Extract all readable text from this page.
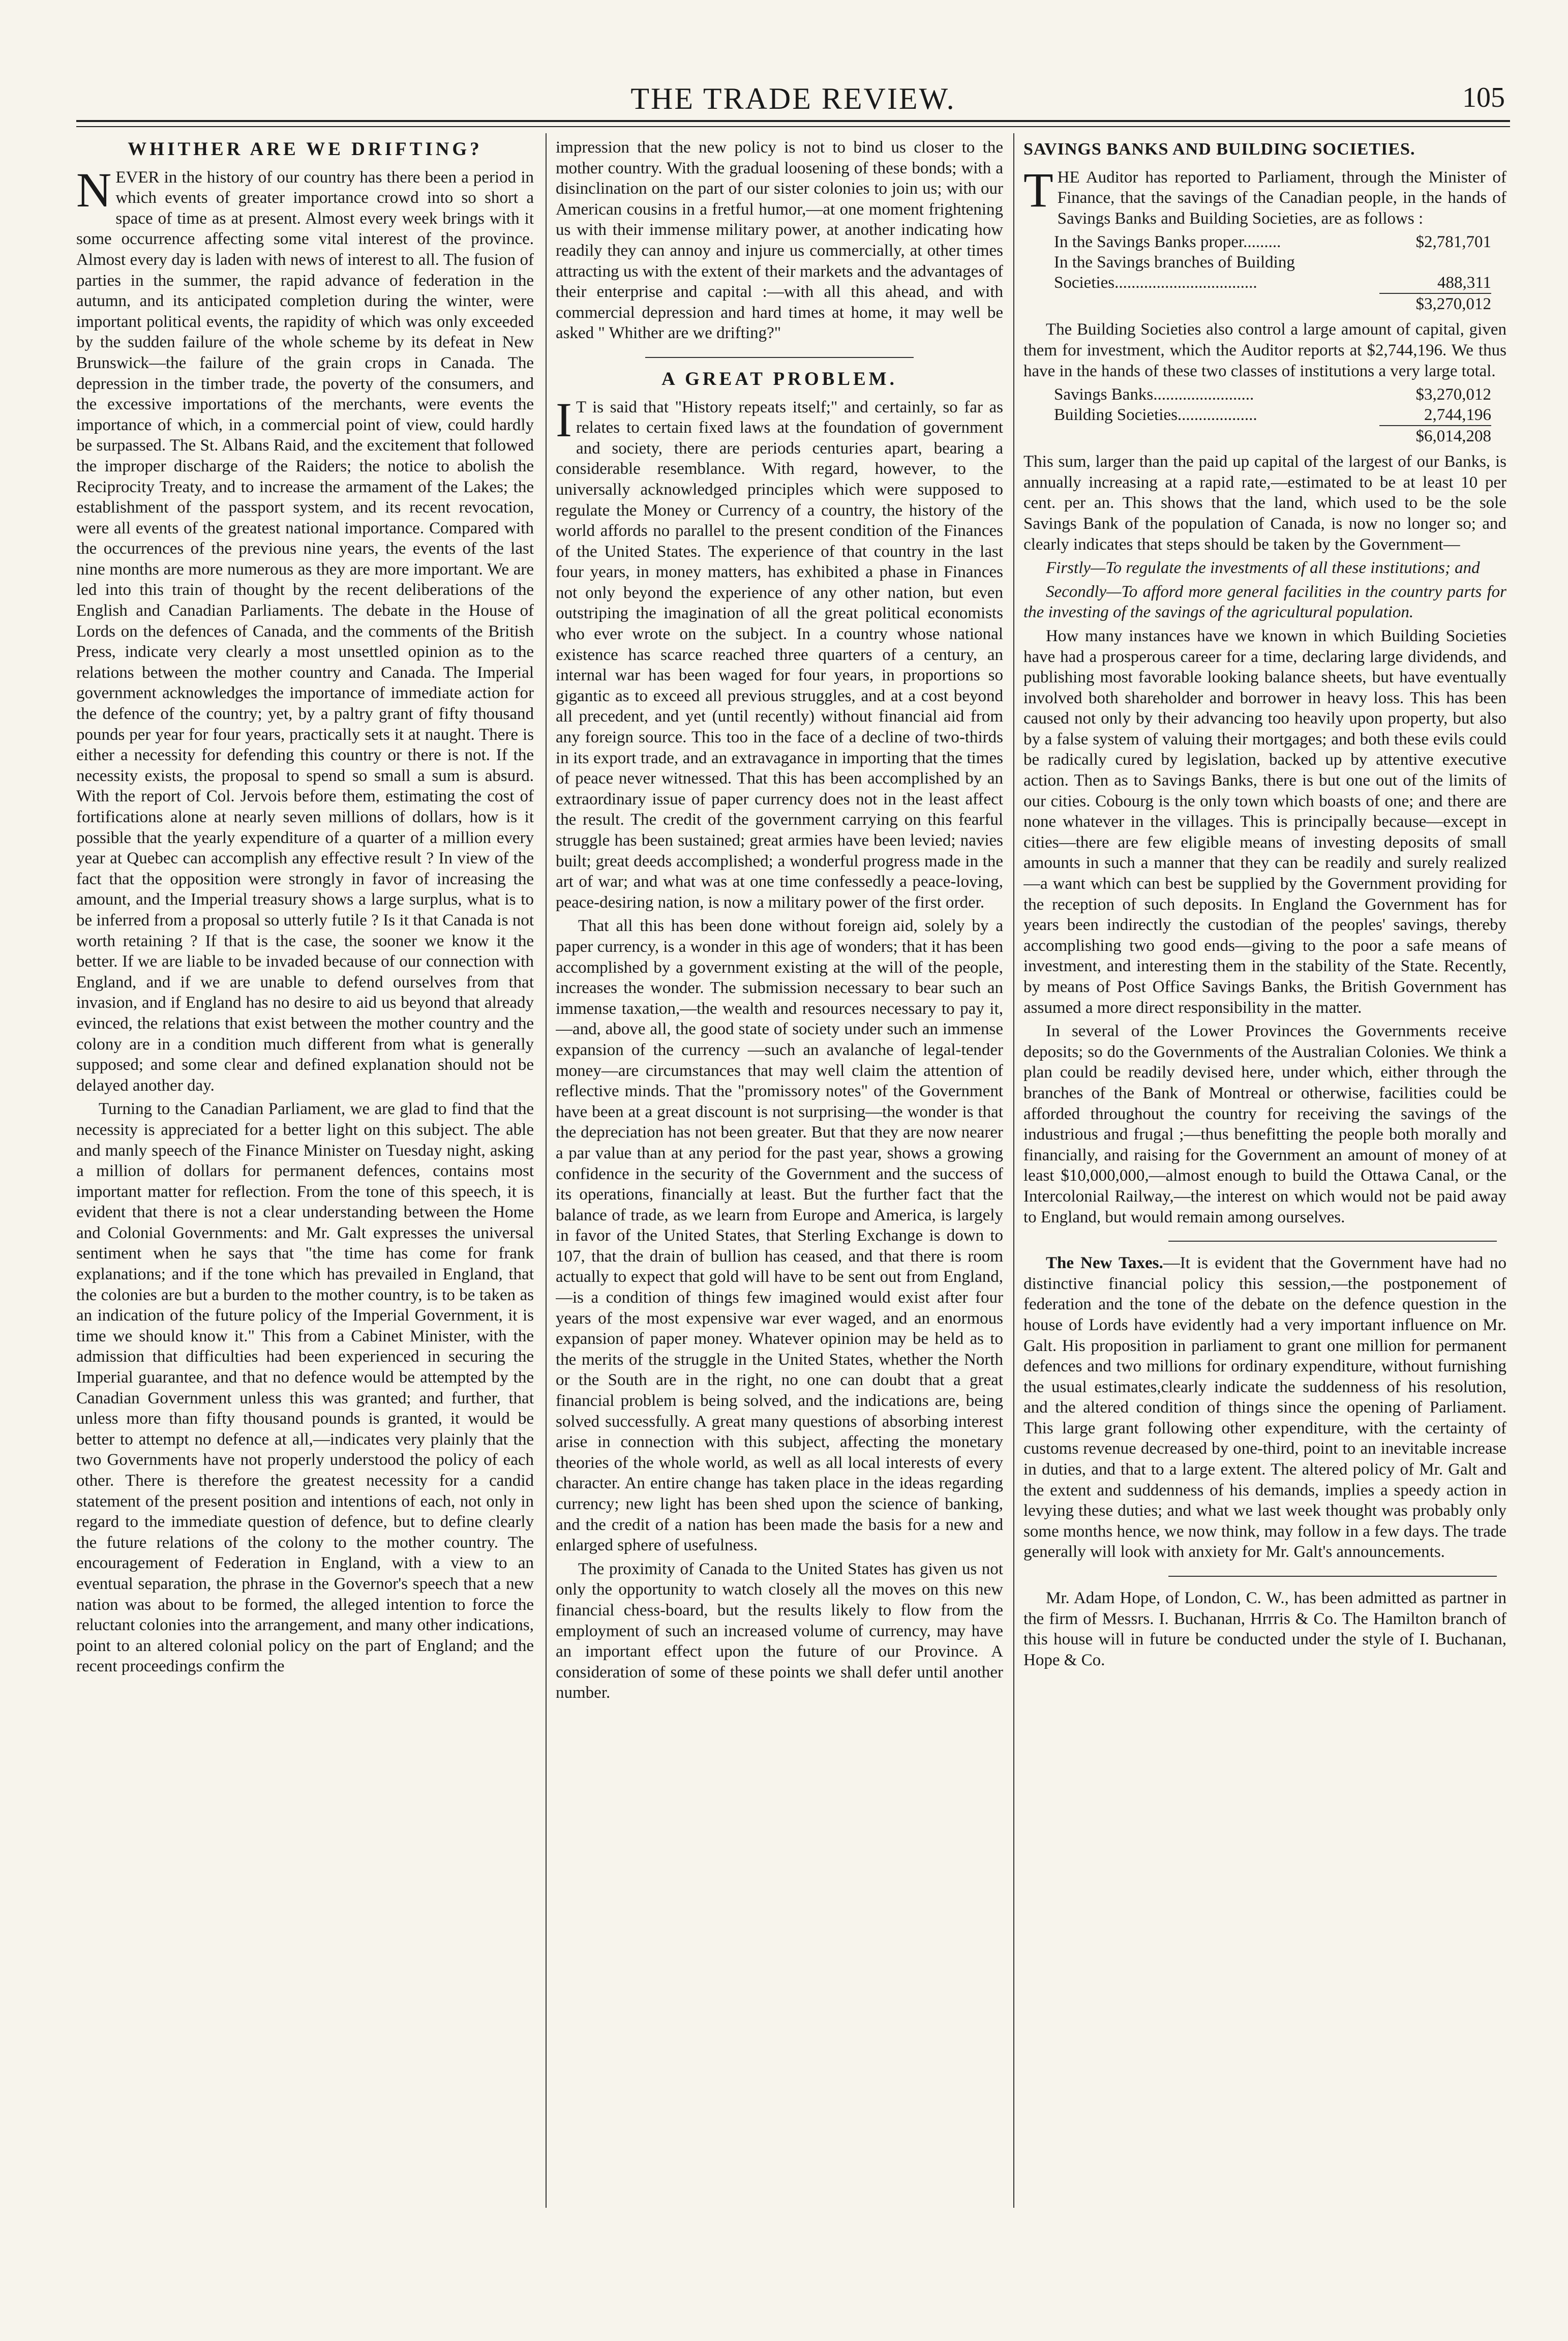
THE TRADE REVIEW.	105
WHITHER ARE WE DRIFTING?

NEVER in the history of our country has there been a period in which events of greater importance crowd into so short a space of time as at present. Almost every week brings with it some occurrence affecting some vital interest of the province. Almost every day is laden with news of interest to all. The fusion of parties in the summer, the rapid advance of federation in the autumn, and its anticipated completion during the winter, were important political events, the rapidity of which was only exceeded by the sudden failure of the whole scheme by its defeat in New Brunswick—the failure of the grain crops in Canada. The depression in the timber trade, the poverty of the consumers, and the excessive importations of the merchants, were events the importance of which, in a commercial point of view, could hardly be surpassed. The St. Albans Raid, and the excitement that followed the improper discharge of the Raiders; the notice to abolish the Reciprocity Treaty, and to increase the armament of the Lakes; the establishment of the passport system, and its recent revocation, were all events of the greatest national importance. Compared with the occurrences of the previous nine years, the events of the last nine months are more numerous as they are more important. We are led into this train of thought by the recent deliberations of the English and Canadian Parliaments. The debate in the House of Lords on the defences of Canada, and the comments of the British Press, indicate very clearly a most unsettled opinion as to the relations between the mother country and Canada. The Imperial government acknowledges the importance of immediate action for the defence of the country; yet, by a paltry grant of fifty thousand pounds per year for four years, practically sets it at naught. There is either a necessity for defending this country or there is not. If the necessity exists, the proposal to spend so small a sum is absurd. With the report of Col. Jervois before them, estimating the cost of fortifications alone at nearly seven millions of dollars, how is it possible that the yearly expenditure of a quarter of a million every year at Quebec can accomplish any effective result ? In view of the fact that the opposition were strongly in favor of increasing the amount, and the Imperial treasury shows a large surplus, what is to be inferred from a proposal so utterly futile ? Is it that Canada is not worth retaining ? If that is the case, the sooner we know it the better. If we are liable to be invaded because of our connection with England, and if we are unable to defend ourselves from that invasion, and if England has no desire to aid us beyond that already evinced, the relations that exist between the mother country and the colony are in a condition much different from what is generally supposed; and some clear and defined explanation should not be delayed another day.

Turning to the Canadian Parliament, we are glad to find that the necessity is appreciated for a better light on this subject. The able and manly speech of the Finance Minister on Tuesday night, asking a million of dollars for permanent defences, contains most important matter for reflection. From the tone of this speech, it is evident that there is not a clear understanding between the Home and Colonial Governments: and Mr. Galt expresses the universal sentiment when he says that "the time has come for frank explanations; and if the tone which has prevailed in England, that the colonies are but a burden to the mother country, is to be taken as an indication of the future policy of the Imperial Government, it is time we should know it." This from a Cabinet Minister, with the admission that difficulties had been experienced in securing the Imperial guarantee, and that no defence would be attempted by the Canadian Government unless this was granted; and further, that unless more than fifty thousand pounds is granted, it would be better to attempt no defence at all,—indicates very plainly that the two Governments have not properly understood the policy of each other. There is therefore the greatest necessity for a candid statement of the present position and intentions of each, not only in regard to the immediate question of defence, but to define clearly the future relations of the colony to the mother country. The encouragement of Federation in England, with a view to an eventual separation, the phrase in the Governor's speech that a new nation was about to be formed, the alleged intention to force the reluctant colonies into the arrangement, and many other indications, point to an altered colonial policy on the part of England; and the recent proceedings confirm the

impression that the new policy is not to bind us closer to the mother country. With the gradual loosening of these bonds; with a disinclination on the part of our sister colonies to join us; with our American cousins in a fretful humor,—at one moment frightening us with their immense military power, at another indicating how readily they can annoy and injure us commercially, at other times attracting us with the extent of their markets and the advantages of their enterprise and capital :—with all this ahead, and with commercial depression and hard times at home, it may well be asked " Whither are we drifting?"

A GREAT PROBLEM.

I T is said that "History repeats itself;" and certainly, so far as relates to certain fixed laws at the foundation of government and society, there are periods centuries apart, bearing a considerable resemblance. With regard, however, to the universally acknowledged principles which were supposed to regulate the Money or Currency of a country, the history of the world affords no parallel to the present condition of the Finances of the United States. The experience of that country in the last four years, in money matters, has exhibited a phase in Finances not only beyond the experience of any other nation, but even outstriping the imagination of all the great political economists who ever wrote on the subject. In a country whose national existence has scarce reached three quarters of a century, an internal war has been waged for four years, in proportions so gigantic as to exceed all previous struggles, and at a cost beyond all precedent, and yet (until recently) without financial aid from any foreign source. This too in the face of a decline of two-thirds in its export trade, and an extravagance in importing that the times of peace never witnessed. That this has been accomplished by an extraordinary issue of paper currency does not in the least affect the result. The credit of the government carrying on this fearful struggle has been sustained; great armies have been levied; navies built; great deeds accomplished; a wonderful progress made in the art of war; and what was at one time confessedly a peace-loving, peace-desiring nation, is now a military power of the first order.

That all this has been done without foreign aid, solely by a paper currency, is a wonder in this age of wonders; that it has been accomplished by a government existing at the will of the people, increases the wonder. The submission necessary to bear such an immense taxation,—the wealth and resources necessary to pay it,—and, above all, the good state of society under such an immense expansion of the currency —such an avalanche of legal-tender money—are circumstances that may well claim the attention of reflective minds. That the "promissory notes" of the Government have been at a great discount is not surprising—the wonder is that the depreciation has not been greater. But that they are now nearer a par value than at any period for the past year, shows a growing confidence in the security of the Government and the success of its operations, financially at least. But the further fact that the balance of trade, as we learn from Europe and America, is largely in favor of the United States, that Sterling Exchange is down to 107, that the drain of bullion has ceased, and that there is room actually to expect that gold will have to be sent out from England,—is a condition of things few imagined would exist after four years of the most expensive war ever waged, and an enormous expansion of paper money. Whatever opinion may be held as to the merits of the struggle in the United States, whether the North or the South are in the right, no one can doubt that a great financial problem is being solved, and the indications are, being solved successfully. A great many questions of absorbing interest arise in connection with this subject, affecting the monetary theories of the whole world, as well as all local interests of every character. An entire change has taken place in the ideas regarding currency; new light has been shed upon the science of banking, and the credit of a nation has been made the basis for a new and enlarged sphere of usefulness.

The proximity of Canada to the United States has given us not only the opportunity to watch closely all the moves on this new financial chess-board, but the results likely to flow from the employment of such an increased volume of currency, may have an important effect upon the future of our Province. A consideration of some of these points we shall defer until another number.

SAVINGS BANKS AND BUILDING SOCIETIES.

THE Auditor has reported to Parliament, through the Minister of Finance, that the savings of the Canadian people, in the hands of Savings Banks and Building Societies, are as follows :

In the Savings Banks proper.........	$2,781,701
In the Savings branches of Building
Societies..................................	488,311
$3,270,012

The Building Societies also control a large amount of capital, given them for investment, which the Auditor reports at $2,744,196. We thus have in the hands of these two classes of institutions a very large total.

Savings Banks........................	$3,270,012
Building Societies...................	2,744,196
$6,014,208

This sum, larger than the paid up capital of the largest of our Banks, is annually increasing at a rapid rate,—estimated to be at least 10 per cent. per an. This shows that the land, which used to be the sole Savings Bank of the population of Canada, is now no longer so; and clearly indicates that steps should be taken by the Government—

Firstly—To regulate the investments of all these institutions; and

Secondly—To afford more general facilities in the country parts for the investing of the savings of the agricultural population.

How many instances have we known in which Building Societies have had a prosperous career for a time, declaring large dividends, and publishing most favorable looking balance sheets, but have eventually involved both shareholder and borrower in heavy loss. This has been caused not only by their advancing too heavily upon property, but also by a false system of valuing their mortgages; and both these evils could be radically cured by legislation, backed up by attentive executive action. Then as to Savings Banks, there is but one out of the limits of our cities. Cobourg is the only town which boasts of one; and there are none whatever in the villages. This is principally because—except in cities—there are few eligible means of investing deposits of small amounts in such a manner that they can be readily and surely realized—a want which can best be supplied by the Government providing for the reception of such deposits. In England the Government has for years been indirectly the custodian of the peoples' savings, thereby accomplishing two good ends—giving to the poor a safe means of investment, and interesting them in the stability of the State. Recently, by means of Post Office Savings Banks, the British Government has assumed a more direct responsibility in the matter.

In several of the Lower Provinces the Governments receive deposits; so do the Governments of the Australian Colonies. We think a plan could be readily devised here, under which, either through the branches of the Bank of Montreal or otherwise, facilities could be afforded throughout the country for receiving the savings of the industrious and frugal ;—thus benefitting the people both morally and financially, and raising for the Government an amount of money of at least $10,000,000,—almost enough to build the Ottawa Canal, or the Intercolonial Railway,—the interest on which would not be paid away to England, but would remain among ourselves.

The New Taxes.—It is evident that the Government have had no distinctive financial policy this session,—the postponement of federation and the tone of the debate on the defence question in the house of Lords have evidently had a very important influence on Mr. Galt. His proposition in parliament to grant one million for permanent defences and two millions for ordinary expenditure, without furnishing the usual estimates,clearly indicate the suddenness of his resolution, and the altered condition of things since the opening of Parliament. This large grant following other expenditure, with the certainty of customs revenue decreased by one-third, point to an inevitable increase in duties, and that to a large extent. The altered policy of Mr. Galt and the extent and suddenness of his demands, implies a speedy action in levying these duties; and what we last week thought was probably only some months hence, we now think, may follow in a few days. The trade generally will look with anxiety for Mr. Galt's announcements.

Mr. Adam Hope, of London, C. W., has been admitted as partner in the firm of Messrs. I. Buchanan, Hrrris & Co. The Hamilton branch of this house will in future be conducted under the style of I. Buchanan, Hope & Co.
